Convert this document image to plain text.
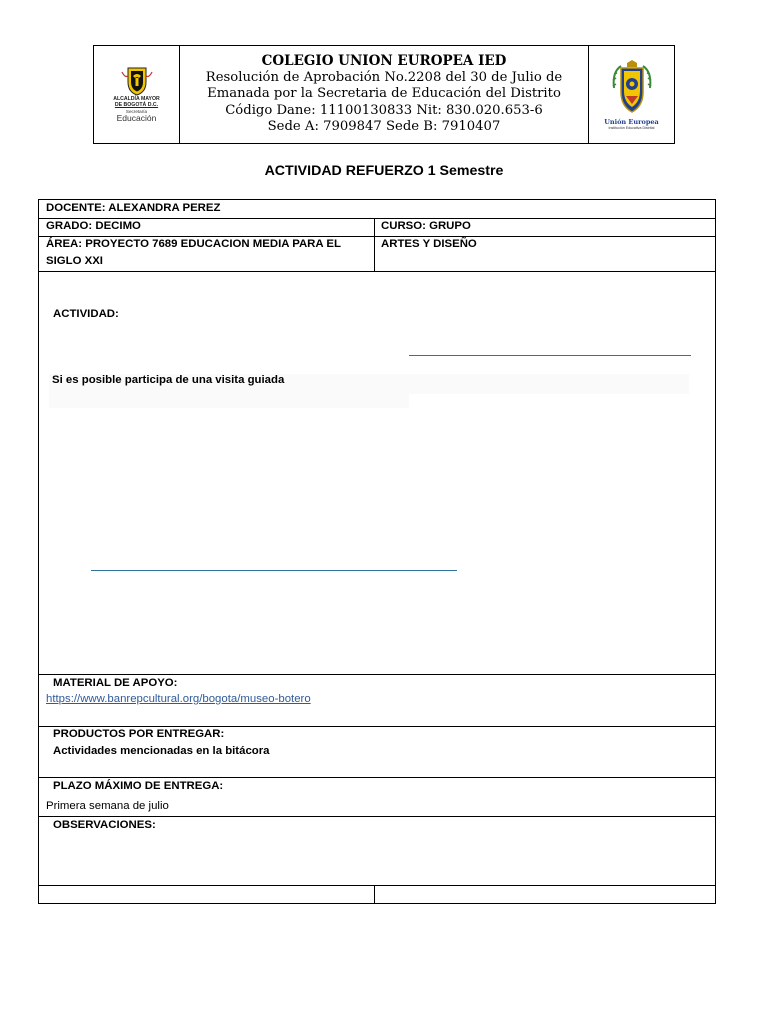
ALCALDÍA MAYOR
DE BOGOTÁ D.C.
Secretaría
Educación
COLEGIO UNION EUROPEA IED
Resolución de Aprobación No.2208 del 30 de Julio de
Emanada por la Secretaria de Educación del Distrito
Código Dane: 11100130833 Nit: 830.020.653-6
Sede A: 7909847 Sede B: 7910407	Unión Europea
Institución Educativa Distrital
ACTIVIDAD REFUERZO 1 Semestre
DOCENTE: ALEXANDRA PEREZ
GRADO: DECIMO	CURSO: GRUPO
ÁREA: PROYECTO 7689 EDUCACION MEDIA PARA EL
SIGLO XXI
ARTES Y DISEÑO
ACTIVIDAD:
Si es posible participa de una visita guiada
MATERIAL DE APOYO:
https://www.banrepcultural.org/bogota/museo-botero
PRODUCTOS POR ENTREGAR:
Actividades mencionadas en la bitácora
PLAZO MÁXIMO DE ENTREGA:
Primera semana de julio
OBSERVACIONES:
